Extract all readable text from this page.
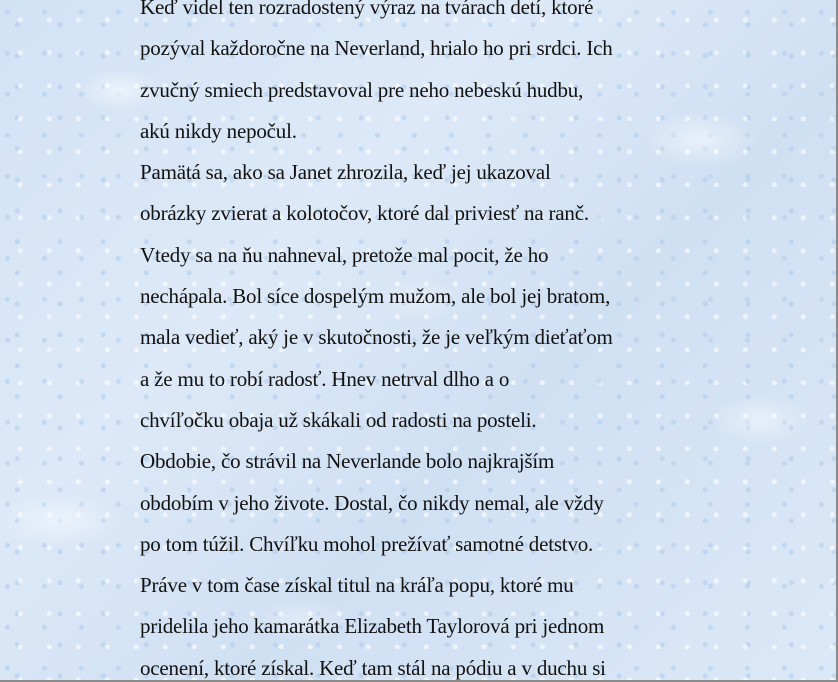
Keď videl ten rozradostený výraz na tvárach detí, ktoré
pozýval každoročne na Neverland, hrialo ho pri srdci. Ich
zvučný smiech predstavoval pre neho nebeskú hudbu,
akú nikdy nepočul.
Pamätá sa, ako sa Janet zhrozila, keď jej ukazoval
obrázky zvierat a kolotočov, ktoré dal priviesť na ranč.
Vtedy sa na ňu nahneval, pretože mal pocit, že ho
nechápala. Bol síce dospelým mužom, ale bol jej bratom,
mala vedieť, aký je v skutočnosti, že je veľkým dieťaťom
a že mu to robí radosť. Hnev netrval dlho a o
chvíľočku obaja už skákali od radosti na posteli.
Obdobie, čo strávil na Neverlande bolo najkrajším
obdobím v jeho živote. Dostal, čo nikdy nemal, ale vždy
po tom túžil. Chvíľku mohol prežívať samotné detstvo.
Práve v tom čase získal titul na kráľa popu, ktoré mu
pridelila jeho kamarátka Elizabeth Taylorová pri jednom
ocenení, ktoré získal. Keď tam stál na pódiu a v duchu si
